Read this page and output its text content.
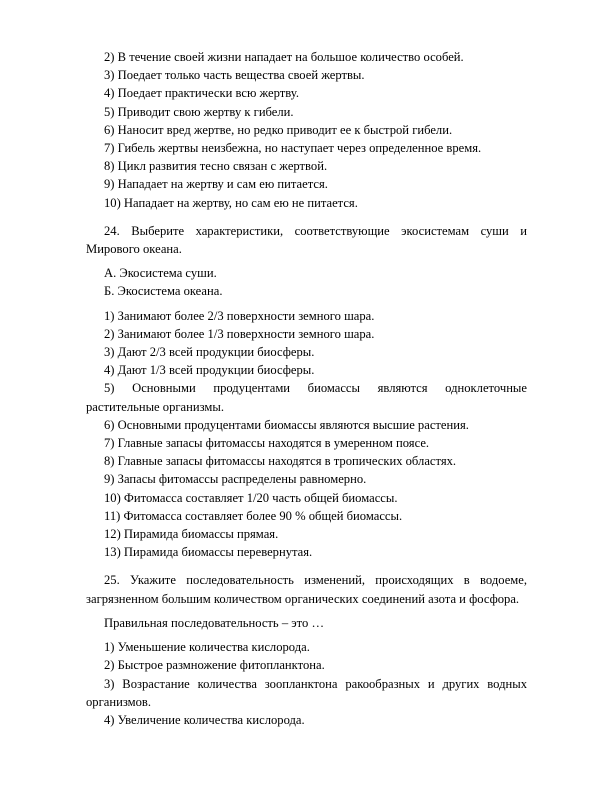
2) В течение своей жизни нападает на большое количество особей.

3) Поедает только часть вещества своей жертвы.

4) Поедает практически всю жертву.

5) Приводит свою жертву к гибели.

6) Наносит вред жертве, но редко приводит ее к быстрой гибели.

7) Гибель жертвы неизбежна, но наступает через определенное время.

8) Цикл развития тесно связан с жертвой.

9) Нападает на жертву и сам ею питается.

10) Нападает на жертву, но сам ею не питается.

24. Выберите характеристики, соответствующие экосистемам суши и Мирового океана.

А. Экосистема суши.

Б. Экосистема океана.

1) Занимают более 2/3 поверхности земного шара.

2) Занимают более 1/3 поверхности земного шара.

3) Дают 2/3 всей продукции биосферы.

4) Дают 1/3 всей продукции биосферы.

5) Основными продуцентами биомассы являются одноклеточные растительные организмы.

6) Основными продуцентами биомассы являются высшие растения.

7) Главные запасы фитомассы находятся в умеренном поясе.

8) Главные запасы фитомассы находятся в тропических областях.

9) Запасы фитомассы распределены равномерно.

10) Фитомасса составляет 1/20 часть общей биомассы.

11) Фитомасса составляет более 90 % общей биомассы.

12) Пирамида биомассы прямая.

13) Пирамида биомассы перевернутая.

25. Укажите последовательность изменений, происходящих в водоеме, загрязненном большим количеством органических соединений азота и фосфора.

Правильная последовательность – это …

1) Уменьшение количества кислорода.

2) Быстрое размножение фитопланктона.

3) Возрастание количества зоопланктона ракообразных и других водных организмов.

4) Увеличение количества кислорода.
